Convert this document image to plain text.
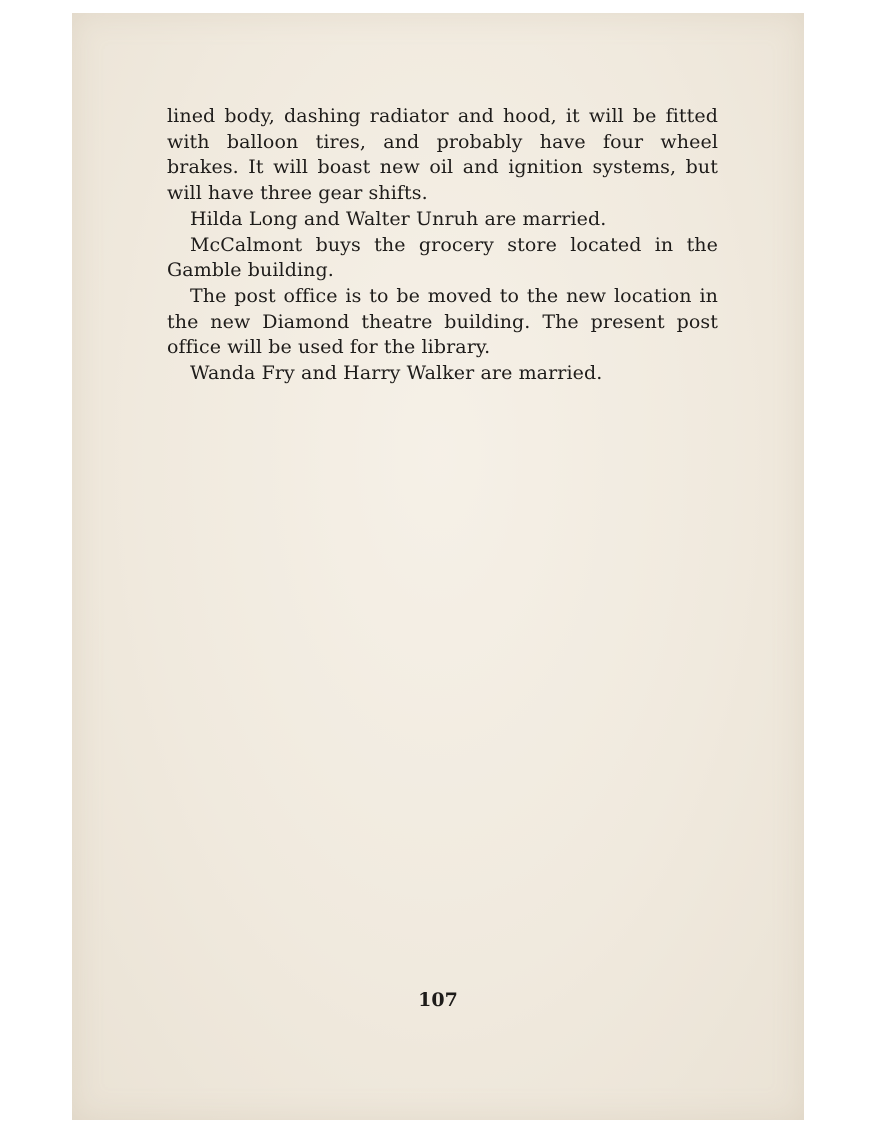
lined body, dashing radiator and hood, it will be fitted with balloon tires, and probably have four wheel brakes. It will boast new oil and ignition systems, but will have three gear shifts.

Hilda Long and Walter Unruh are married.

McCalmont buys the grocery store located in the Gamble building.

The post office is to be moved to the new location in the new Diamond theatre building. The present post office will be used for the library.

Wanda Fry and Harry Walker are married.

107
